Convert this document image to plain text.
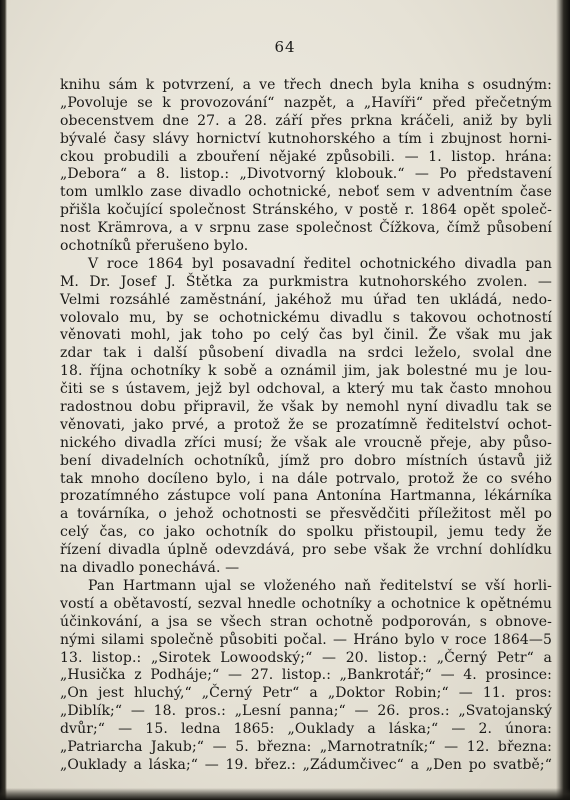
64
knihu sám k potvrzení, a ve třech dnech byla kniha s osudným:
„Povoluje se k provozování“ nazpět, a „Havíři“ před přečetným
obecenstvem dne 27. a 28. září přes prkna kráčeli, aniž by byli
bývalé časy slávy hornictví kutnohorského a tím i zbujnost horni-
ckou probudili a zbouření nějaké způsobili. — 1. listop. hrána:
„Debora“ a 8. listop.: „Divotvorný klobouk.“ — Po představení
tom umlklo zase divadlo ochotnické, neboť sem v adventním čase
přišla kočující společnost Stránského, v postě r. 1864 opět společ-
nost Krämrova, a v srpnu zase společnost Čížkova, čímž působení
ochotníků přerušeno bylo.
V roce 1864 byl posavadní ředitel ochotnického divadla pan
M. Dr. Josef J. Štětka za purkmistra kutnohorského zvolen. —
Velmi rozsáhlé zaměstnání, jakéhož mu úřad ten ukládá, nedo-
volovalo mu, by se ochotnickému divadlu s takovou ochotností
věnovati mohl, jak toho po celý čas byl činil. Že však mu jak
zdar tak i další působení divadla na srdci leželo, svolal dne
18. října ochotníky k sobě a oznámil jim, jak bolestné mu je lou-
čiti se s ústavem, jejž byl odchoval, a který mu tak často mnohou
radostnou dobu připravil, že však by nemohl nyní divadlu tak se
věnovati, jako prvé, a protož že se prozatímně ředitelství ochot-
nického divadla zříci musí; že však ale vroucně přeje, aby půso-
bení divadelních ochotníků, jímž pro dobro místních ústavů již
tak mnoho docíleno bylo, i na dále potrvalo, protož že co svého
prozatímného zástupce volí pana Antonína Hartmanna, lékárníka
a továrníka, o jehož ochotnosti se přesvědčiti příležitost měl po
celý čas, co jako ochotník do spolku přistoupil, jemu tedy že
řízení divadla úplně odevzdává, pro sebe však že vrchní dohlídku
na divadlo ponechává. —
Pan Hartmann ujal se vloženého naň ředitelství se vší horli-
vostí a obětavostí, sezval hnedle ochotníky a ochotnice k opětnému
účinkování, a jsa se všech stran ochotně podporován, s obnove-
nými silami společně působiti počal. — Hráno bylo v roce 1864—5
13. listop.: „Sirotek Lowoodský;“ — 20. listop.: „Černý Petr“ a
„Husička z Podháje;“ — 27. listop.: „Bankrotář;“ — 4. prosince:
„On jest hluchý,“ „Černý Petr“ a „Doktor Robin;“ — 11. pros:
„Diblík;“ — 18. pros.: „Lesní panna;“ — 26. pros.: „Svatojanský
dvůr;“ — 15. ledna 1865: „Ouklady a láska;“ — 2. února:
„Patriarcha Jakub;“ — 5. března: „Marnotratník;“ — 12. března:
„Ouklady a láska;“ — 19. břez.: „Zádumčivec“ a „Den po svatbě;“
